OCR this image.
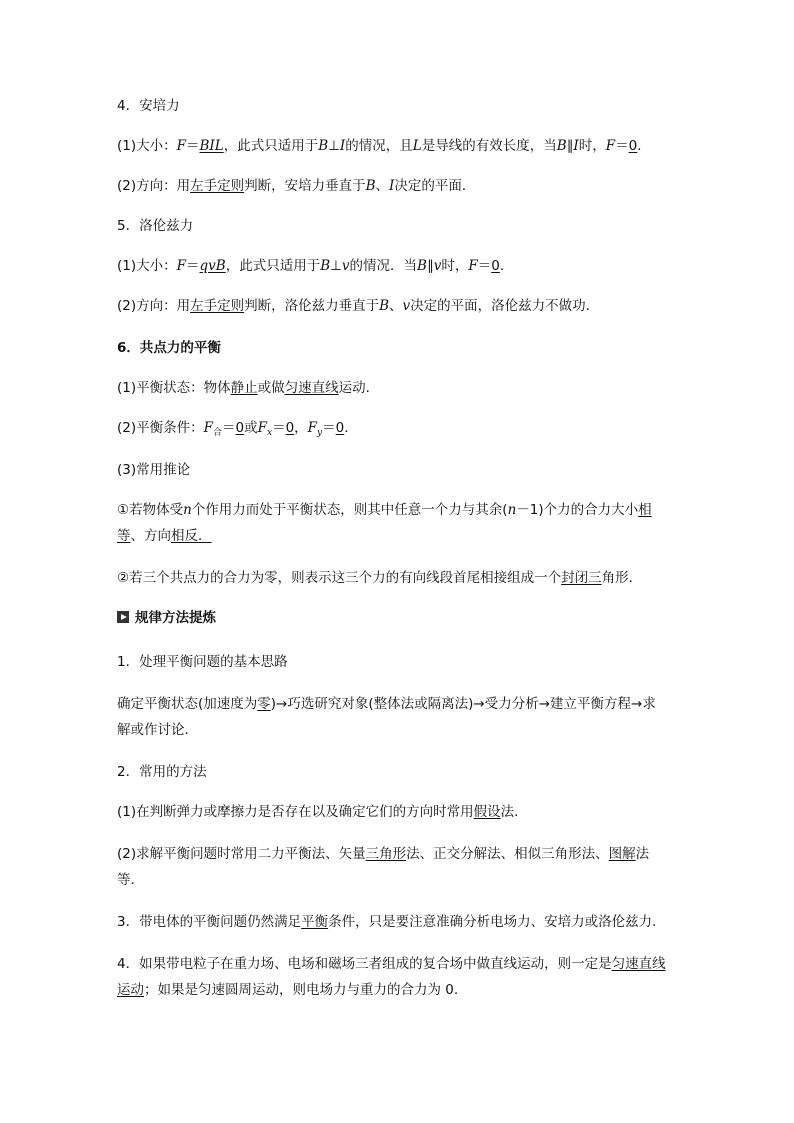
4．安培力
(1)大小：F＝BIL，此式只适用于B⊥I的情况，且L是导线的有效长度，当B∥I时，F＝0.
(2)方向：用左手定则判断，安培力垂直于B、I决定的平面．
5．洛伦兹力
(1)大小：F＝qvB，此式只适用于B⊥v的情况．当B∥v时，F＝0.
(2)方向：用左手定则判断，洛伦兹力垂直于B、v决定的平面，洛伦兹力不做功．
6．共点力的平衡
(1)平衡状态：物体静止或做匀速直线运动．
(2)平衡条件：$F_合=0$或$F_x=0$，$F_y=0$.
(3)常用推论
①若物体受n个作用力而处于平衡状态，则其中任意一个力与其余(n－1)个力的合力大小相
等、方向相反．
②若三个共点力的合力为零，则表示这三个力的有向线段首尾相接组成一个封闭三角形．
规律方法提炼
1．处理平衡问题的基本思路
确定平衡状态(加速度为零)→巧选研究对象(整体法或隔离法)→受力分析→建立平衡方程→求
解或作讨论．
2．常用的方法
(1)在判断弹力或摩擦力是否存在以及确定它们的方向时常用假设法．
(2)求解平衡问题时常用二力平衡法、矢量三角形法、正交分解法、相似三角形法、图解法
等．
3．带电体的平衡问题仍然满足平衡条件，只是要注意准确分析电场力、安培力或洛伦兹力．
4．如果带电粒子在重力场、电场和磁场三者组成的复合场中做直线运动，则一定是匀速直线
运动；如果是匀速圆周运动，则电场力与重力的合力为 0.
